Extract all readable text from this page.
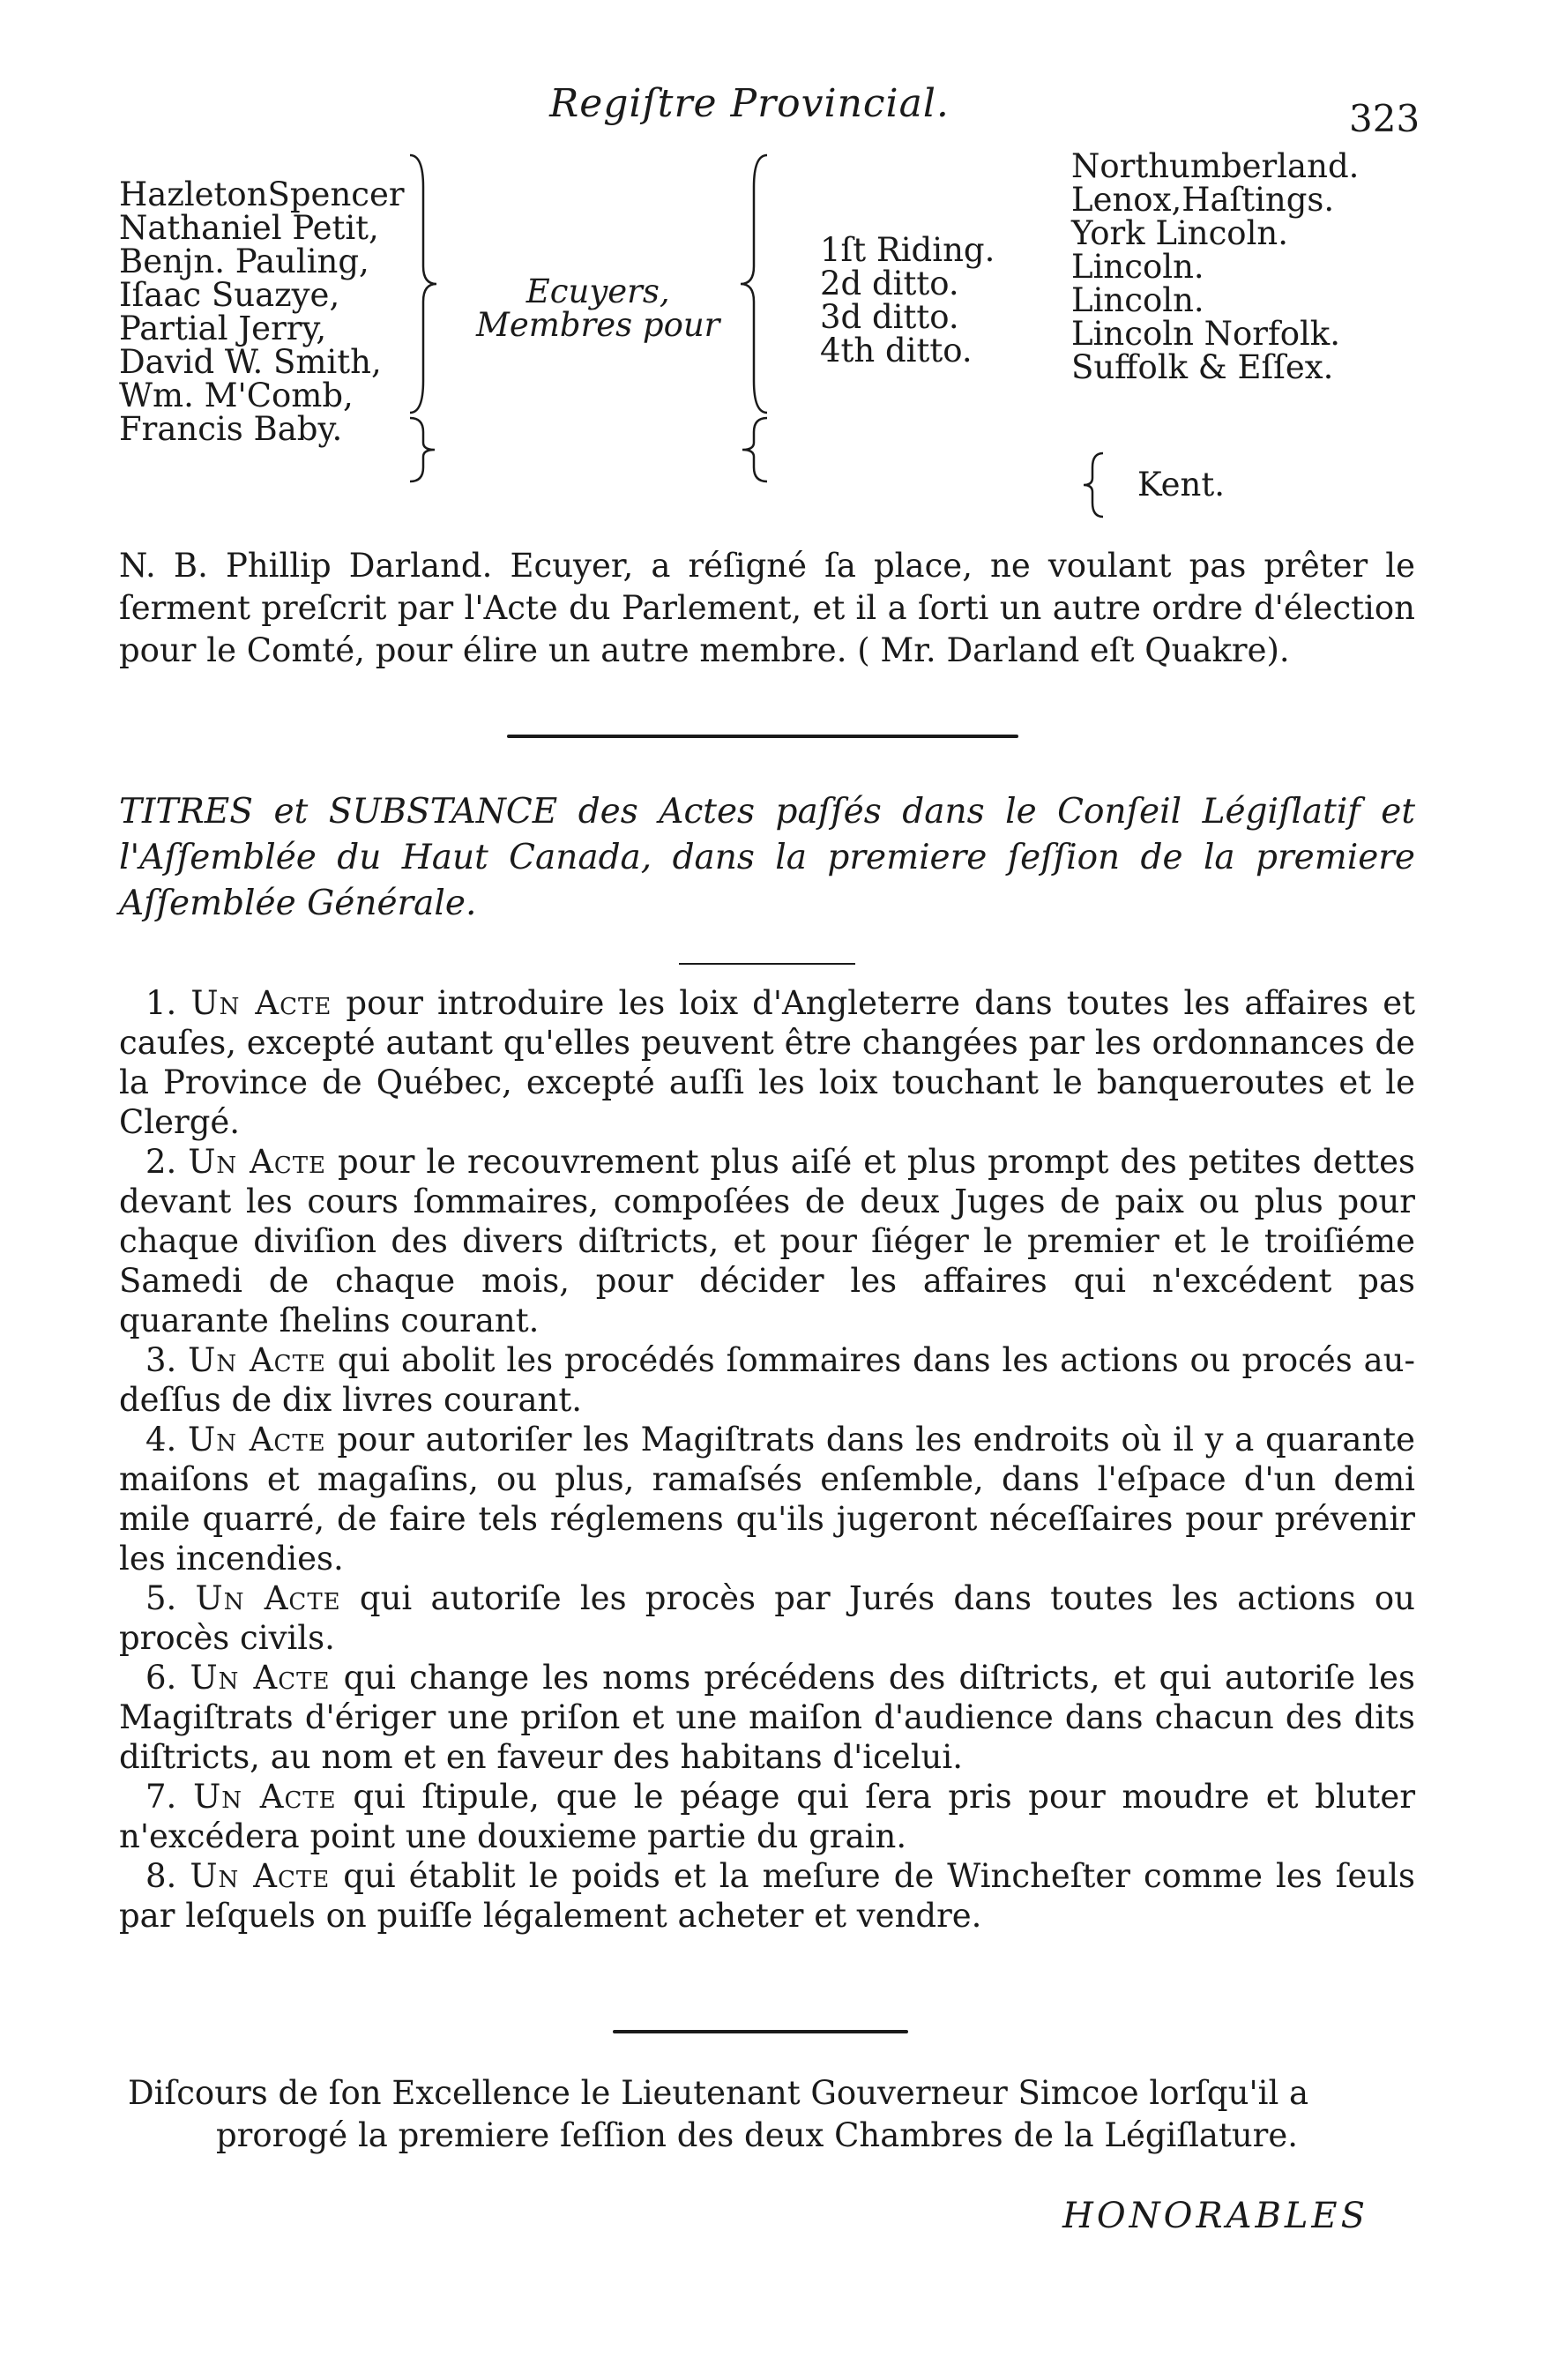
Regiſtre Provincial.	323
HazletonSpencer
Nathaniel Petit,
Benjn. Pauling,
Iſaac Suazye,
Partial Jerry,
David W. Smith,
Wm. M'Comb,
Francis Baby.
Ecuyers,
Membres pour
1ſt Riding.
2d ditto.
3d ditto.
4th ditto.
Northumberland.
Lenox,Haſtings.
York Lincoln.
Lincoln.
Lincoln.
Lincoln Norfolk.
Suffolk & Eſſex.
Kent.
N. B. Phillip Darland. Ecuyer, a réſigné ſa place, ne voulant pas prêter le ſerment preſcrit par l'Acte du Parlement, et il a ſorti un autre ordre d'élection pour le Comté, pour élire un autre membre. ( Mr. Darland eſt Quakre).
TITRES et SUBSTANCE des Actes paſſés dans le Conſeil Légiſlatif et l'Aſſemblée du Haut Canada, dans la premiere ſeſſion de la premiere Aſſemblée Générale.

1. Un Acte pour introduire les loix d'Angleterre dans toutes les affaires et cauſes, excepté autant qu'elles peuvent être changées par les ordonnances de la Province de Québec, excepté auſſi les loix touchant le banqueroutes et le Clergé.

2. Un Acte pour le recouvrement plus aiſé et plus prompt des petites dettes devant les cours ſommaires, compoſées de deux Juges de paix ou plus pour chaque diviſion des divers diſtricts, et pour ſiéger le premier et le troiſiéme Samedi de chaque mois, pour décider les affaires qui n'excédent pas quarante ſhelins courant.

3. Un Acte qui abolit les procédés ſommaires dans les actions ou procés au-deſſus de dix livres courant.

4. Un Acte pour autoriſer les Magiſtrats dans les endroits où il y a quarante maiſons et magaſins, ou plus, ramaſsés enſemble, dans l'eſpace d'un demi mile quarré, de faire tels réglemens qu'ils jugeront néceſſaires pour prévenir les incendies.

5. Un Acte qui autoriſe les procès par Jurés dans toutes les actions ou procès civils.

6. Un Acte qui change les noms précédens des diſtricts, et qui autoriſe les Magiſtrats d'ériger une priſon et une maiſon d'audience dans chacun des dits diſtricts, au nom et en faveur des habitans d'icelui.

7. Un Acte qui ſtipule, que le péage qui ſera pris pour moudre et bluter n'excédera point une douxieme partie du grain.

8. Un Acte qui établit le poids et la meſure de Wincheſter comme les ſeuls par leſquels on puiſſe légalement acheter et vendre.

Diſcours de ſon Excellence le Lieutenant Gouverneur Simcoe lorſqu'il a
prorogé la premiere ſeſſion des deux Chambres de la Légiſlature.
HONORABLES
